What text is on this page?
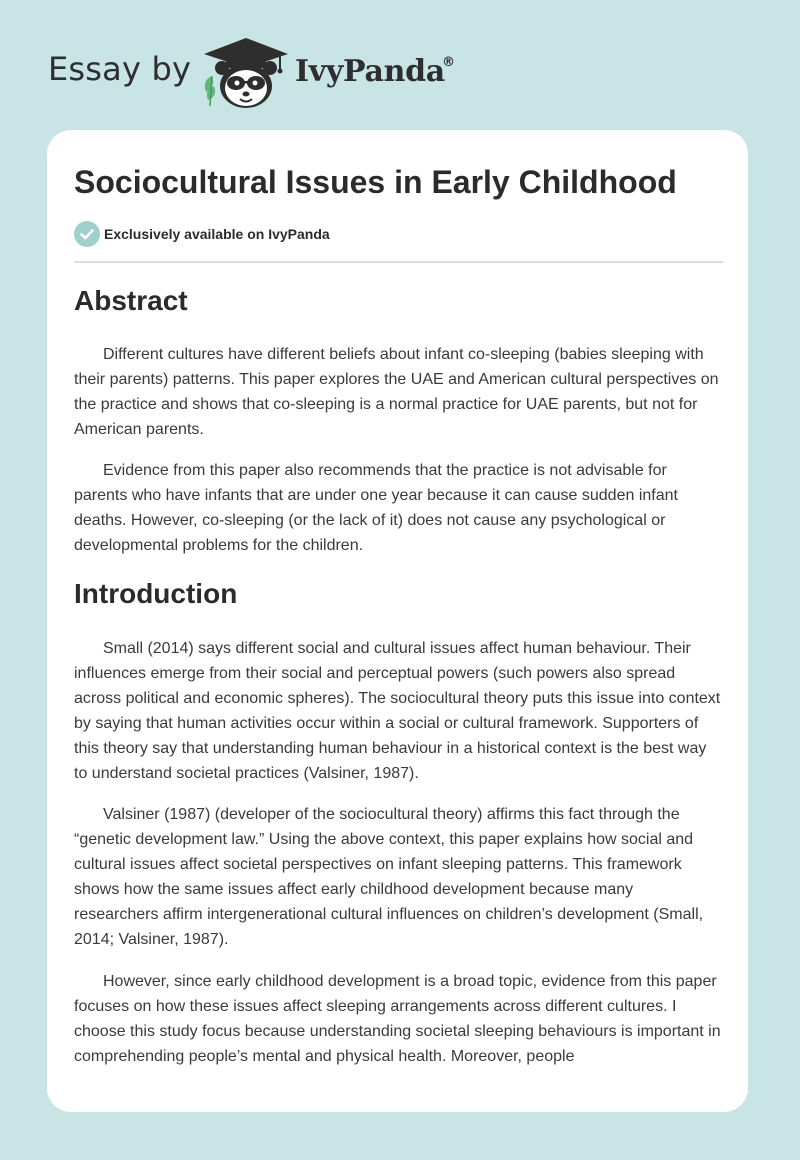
Essay by	IvyPanda
®
Sociocultural Issues in Early Childhood
Exclusively available on IvyPanda
Abstract

Different cultures have different beliefs about infant co-sleeping (babies sleeping with their parents) patterns. This paper explores the UAE and American cultural perspectives on the practice and shows that co-sleeping is a normal practice for UAE parents, but not for American parents.

Evidence from this paper also recommends that the practice is not advisable for parents who have infants that are under one year because it can cause sudden infant deaths. However, co-sleeping (or the lack of it) does not cause any psychological or developmental problems for the children.

Introduction

Small (2014) says different social and cultural issues affect human behaviour. Their influences emerge from their social and perceptual powers (such powers also spread across political and economic spheres). The sociocultural theory puts this issue into context by saying that human activities occur within a social or cultural framework. Supporters of this theory say that understanding human behaviour in a historical context is the best way to understand societal practices (Valsiner, 1987).

Valsiner (1987) (developer of the sociocultural theory) affirms this fact through the “genetic development law.” Using the above context, this paper explains how social and cultural issues affect societal perspectives on infant sleeping patterns. This framework shows how the same issues affect early childhood development because many researchers affirm intergenerational cultural influences on children’s development (Small, 2014; Valsiner, 1987).

However, since early childhood development is a broad topic, evidence from this paper focuses on how these issues affect sleeping arrangements across different cultures. I choose this study focus because understanding societal sleeping behaviours is important in comprehending people’s mental and physical health. Moreover, people
